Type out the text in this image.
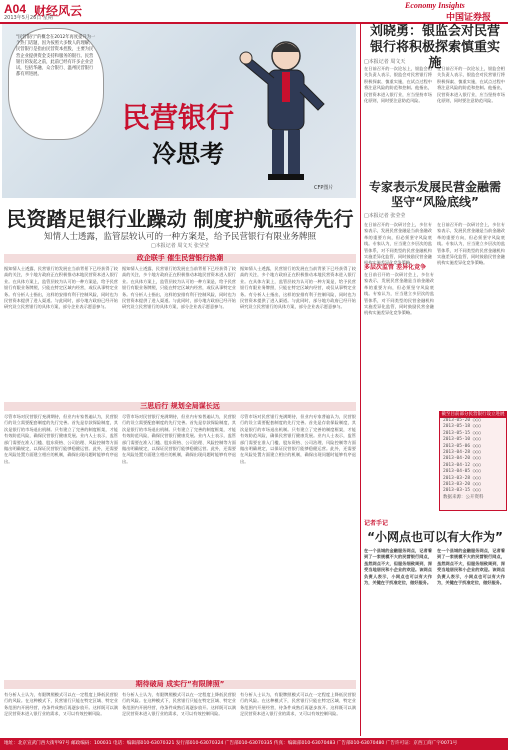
A04 财经风云
2013年5月26日 星期一
Economy Insights
中国证券报
"民营银行"的概念在2012年再度提升为一个热门话题，因为按照大多数人的理解，民营银行是指由民营资本控股，主要为民营企业提供资金支持和服务的银行。民营银行的发起之前，此前已经有许多企业尝试，包括华融、众合银行、温州民营银行都有所进展。
民营银行
冷思考
CFP图片
民资踏足银行业躁动 制度护航亟待先行
知情人士透露，监管层较认可的一种方案是，给予民营银行有限业务牌照
□本报记者 周文天 张莹莹
政企联手 催生民营银行热潮
据知情人士透露，民营银行的发展在当前背景下已经获得了较高的关注，多个地方政府正在积极推动本地民营资本进入银行业。在具体方案上，监管层较为认可的一种方案是，给予民营银行有限业务牌照，只能在特定区域内经营，或仅从事特定业务。有分析人士指出，这样的安排有利于控制风险，同时也为民营资本提供了进入渠道。与此同时，部分地方政府已经开始研究设立民营银行的具体方案，部分企业表示愿意参与。
据知情人士透露，民营银行的发展在当前背景下已经获得了较高的关注，多个地方政府正在积极推动本地民营资本进入银行业。在具体方案上，监管层较为认可的一种方案是，给予民营银行有限业务牌照，只能在特定区域内经营，或仅从事特定业务。有分析人士指出，这样的安排有利于控制风险，同时也为民营资本提供了进入渠道。与此同时，部分地方政府已经开始研究设立民营银行的具体方案，部分企业表示愿意参与。
据知情人士透露，民营银行的发展在当前背景下已经获得了较高的关注，多个地方政府正在积极推动本地民营资本进入银行业。在具体方案上，监管层较为认可的一种方案是，给予民营银行有限业务牌照，只能在特定区域内经营，或仅从事特定业务。有分析人士指出，这样的安排有利于控制风险，同时也为民营资本提供了进入渠道。与此同时，部分地方政府已经开始研究设立民营银行的具体方案，部分企业表示愿意参与。
三思后行 规划全局谋长远
尽管市场对民营银行充满期待，但业内专家普遍认为，民营银行的设立需要配套制度的先行完善。首先是存款保险制度，其次是银行的市场退出机制。只有建立了完善的制度框架，才能有效防范风险，确保民营银行健康发展。业内人士表示，监管部门需要在准入门槛、股东资格、公司治理、风险控制等方面做出明确规定，以保证民营银行能够稳健运营。此外，还需要在风险处置方面建立相应的机制，确保出现问题时能够有序退出。
尽管市场对民营银行充满期待，但业内专家普遍认为，民营银行的设立需要配套制度的先行完善。首先是存款保险制度，其次是银行的市场退出机制。只有建立了完善的制度框架，才能有效防范风险，确保民营银行健康发展。业内人士表示，监管部门需要在准入门槛、股东资格、公司治理、风险控制等方面做出明确规定，以保证民营银行能够稳健运营。此外，还需要在风险处置方面建立相应的机制，确保出现问题时能够有序退出。
尽管市场对民营银行充满期待，但业内专家普遍认为，民营银行的设立需要配套制度的先行完善。首先是存款保险制度，其次是银行的市场退出机制。只有建立了完善的制度框架，才能有效防范风险，确保民营银行健康发展。业内人士表示，监管部门需要在准入门槛、股东资格、公司治理、风险控制等方面做出明确规定，以保证民营银行能够稳健运营。此外，还需要在风险处置方面建立相应的机制，确保出现问题时能够有序退出。
期待破局 成实行“有限牌照”
有分析人士认为，有限牌照模式可以在一定程度上降低民营银行的风险。在这种模式下，民营银行只能在特定区域、特定业务范围内开展经营，待条件成熟后再逐步放开。这样既可以满足民营资本进入银行业的需求，又可以有效控制风险。
有分析人士认为，有限牌照模式可以在一定程度上降低民营银行的风险。在这种模式下，民营银行只能在特定区域、特定业务范围内开展经营，待条件成熟后再逐步放开。这样既可以满足民营资本进入银行业的需求，又可以有效控制风险。
有分析人士认为，有限牌照模式可以在一定程度上降低民营银行的风险。在这种模式下，民营银行只能在特定区域、特定业务范围内开展经营，待条件成熟后再逐步放开。这样既可以满足民营资本进入银行业的需求，又可以有效控制风险。
刘晓勇：银监会对民营银行将积极探索慎重实施
□本报记者 周文天
在日前召开的一次论坛上，银监会相关负责人表示，银监会对民营银行将积极探索、慎重实施，在试点过程中将注意风险的防范和控制。他指出，民营资本进入银行业，应当坚持市场化原则，同时要注意防范风险。
在日前召开的一次论坛上，银监会相关负责人表示，银监会对民营银行将积极探索、慎重实施，在试点过程中将注意风险的防范和控制。他指出，民营资本进入银行业，应当坚持市场化原则，同时要注意防范风险。
专家表示发展民营金融需坚守“风险底线”
□本报记者 张莹莹
在日前召开的一次研讨会上，多位专家表示，发展民营金融是当前金融改革的重要方向，但必须坚守风险底线。专家认为，应当建立多层次的监管体系，对不同类型的民营金融机构实施差异化监管，同时鼓励民营金融机构实施差异化竞争策略。
多层次监管 差异化竞争
在日前召开的一次研讨会上，多位专家表示，发展民营金融是当前金融改革的重要方向，但必须坚守风险底线。专家认为，应当建立多层次的监管体系，对不同类型的民营金融机构实施差异化监管，同时鼓励民营金融机构实施差异化竞争策略。
在日前召开的一次研讨会上，多位专家表示，发展民营金融是当前金融改革的重要方向，但必须坚守风险底线。专家认为，应当建立多层次的监管体系，对不同类型的民营金融机构实施差异化监管，同时鼓励民营金融机构实施差异化竞争策略。
截至目前部分民营银行设立进展
2013-05-20 ○○○
2013-05-18 ○○○
2013-05-15 ○○○
2013-05-10 ○○○
2013-05-06 ○○○
2013-04-28 ○○○
2013-04-20 ○○○
2013-04-12 ○○○
2013-04-05 ○○○
2013-03-28 ○○○
2013-03-20 ○○○
2013-03-15 ○○○
数据来源：公开资料
记者手记
“小网点也可以有大作为”
在一个县城的金融服务网点，记者看到了一家规模不大的民营银行网点，虽然网点不大，但服务细致周到，深受当地居民和小企业的欢迎。该网点负责人表示，小网点也可以有大作为，关键在于找准定位，做好服务。
在一个县城的金融服务网点，记者看到了一家规模不大的民营银行网点，虽然网点不大，但服务细致周到，深受当地居民和小企业的欢迎。该网点负责人表示，小网点也可以有大作为，关键在于找准定位，做好服务。
地址：北京宣武门西大街甲97号 邮政编码：100031 电话：编辑部010-63070321 发行部010-63070324 广告部010-63070335 传真：编辑部010-63070483 广告部010-63070480 广告许可证：京西工商广字0071号
